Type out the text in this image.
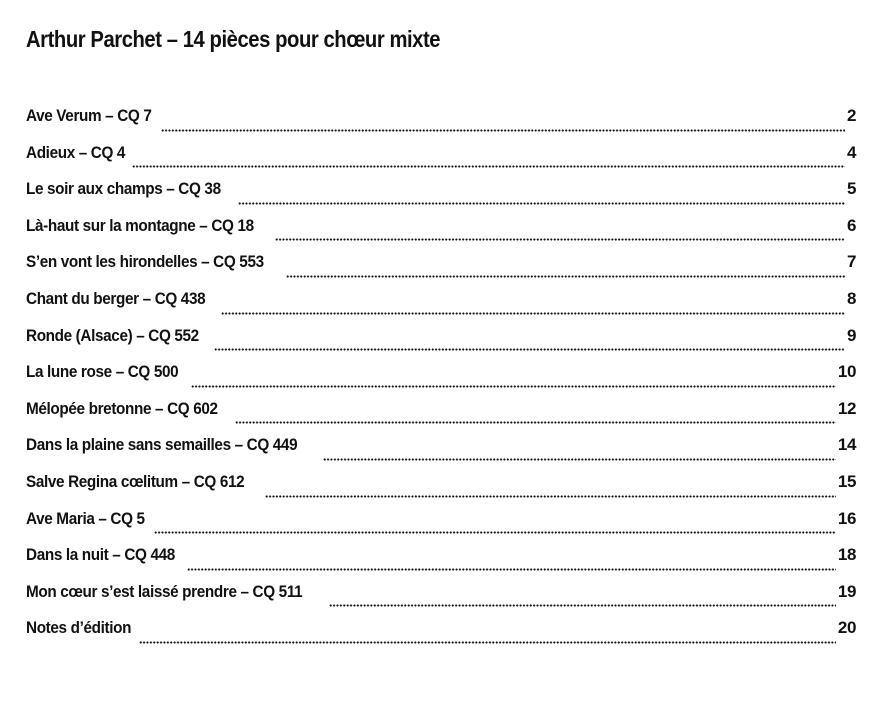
Arthur Parchet – 14 pièces pour chœur mixte
Ave Verum – CQ 7	2
Adieux – CQ 4	4
Le soir aux champs – CQ 38	5
Là-haut sur la montagne – CQ 18	6
S’en vont les hirondelles – CQ 553	7
Chant du berger – CQ 438	8
Ronde (Alsace) – CQ 552	9
La lune rose – CQ 500	10
Mélopée bretonne – CQ 602	12
Dans la plaine sans semailles – CQ 449	14
Salve Regina cœlitum – CQ 612	15
Ave Maria – CQ 5	16
Dans la nuit – CQ 448	18
Mon cœur s’est laissé prendre – CQ 511	19
Notes d’édition	20
